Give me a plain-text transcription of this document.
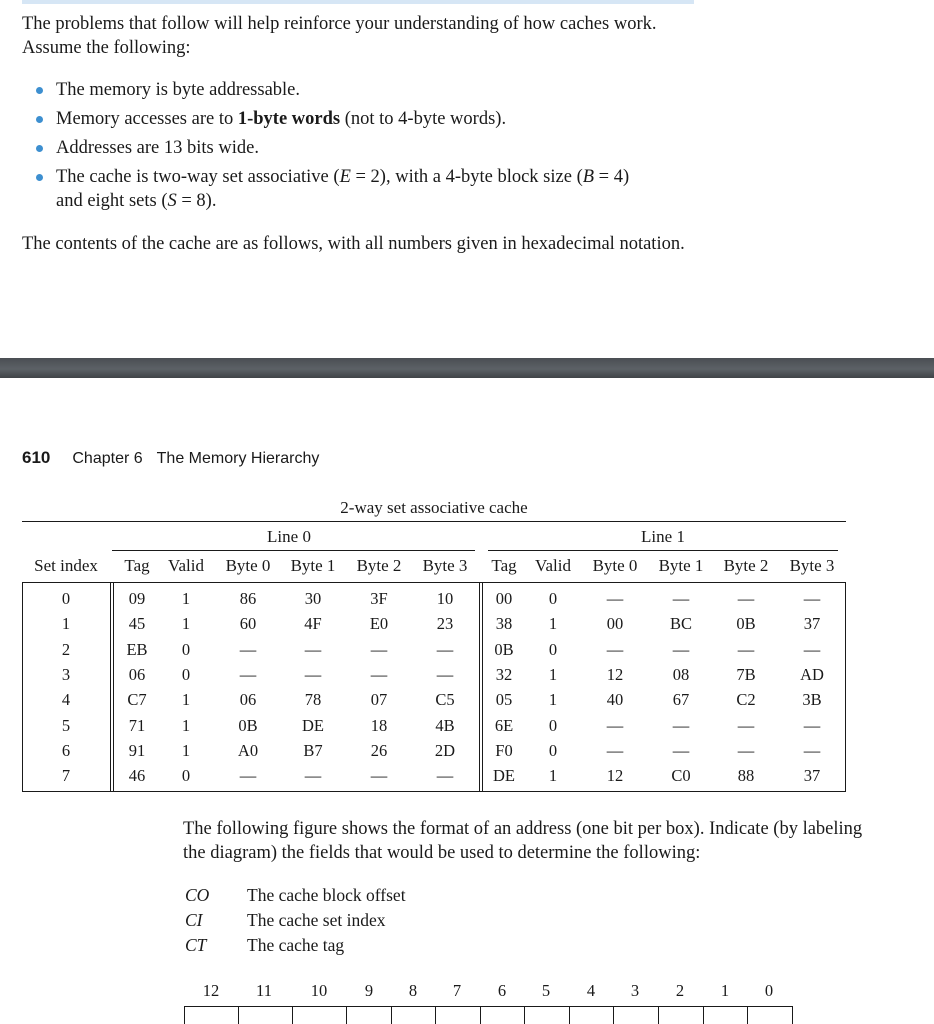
The problems that follow will help reinforce your understanding of how caches work. Assume the following:

The memory is byte addressable.
Memory accesses are to 1-byte words (not to 4-byte words).
Addresses are 13 bits wide.
The cache is two-way set associative (E = 2), with a 4-byte block size (B = 4)
and eight sets (S = 8).

The contents of the cache are as follows, with all numbers given in hexadecimal notation.

610 Chapter 6 The Memory Hierarchy
2-way set associative cache
Line 0	Line 1
Set index Tag Valid Byte 0 Byte 1 Byte 2 Byte 3 Tag Valid Byte 0 Byte 1 Byte 2 Byte 3
0	09 1	86	30	3F	10	00 0	—	—	—	—
1	45 1	60	4F	E0	23	38 1	00	BC	0B	37
2	EB 0	—	—	—	— 0B 0	—	—	—	—
3	06 0	—	—	—	—	32 1	12	08	7B	AD
4	C7 1	06	78	07	C5 05 1	40	67	C2	3B
5	71 1	0B	DE	18	4B 6E 0	—	—	—	—
6	91 1	A0	B7	26	2D F0 0	—	—	—	—
7	46 0	—	—	—	— DE 1	12	C0	88	37

The following figure shows the format of an address (one bit per box). Indicate (by labeling the diagram) the fields that would be used to determine the following:

CO The cache block offset
CI	The cache set index
CT The cache tag
12 11 10 9 8 7 6 5 4 3 2 1 0
